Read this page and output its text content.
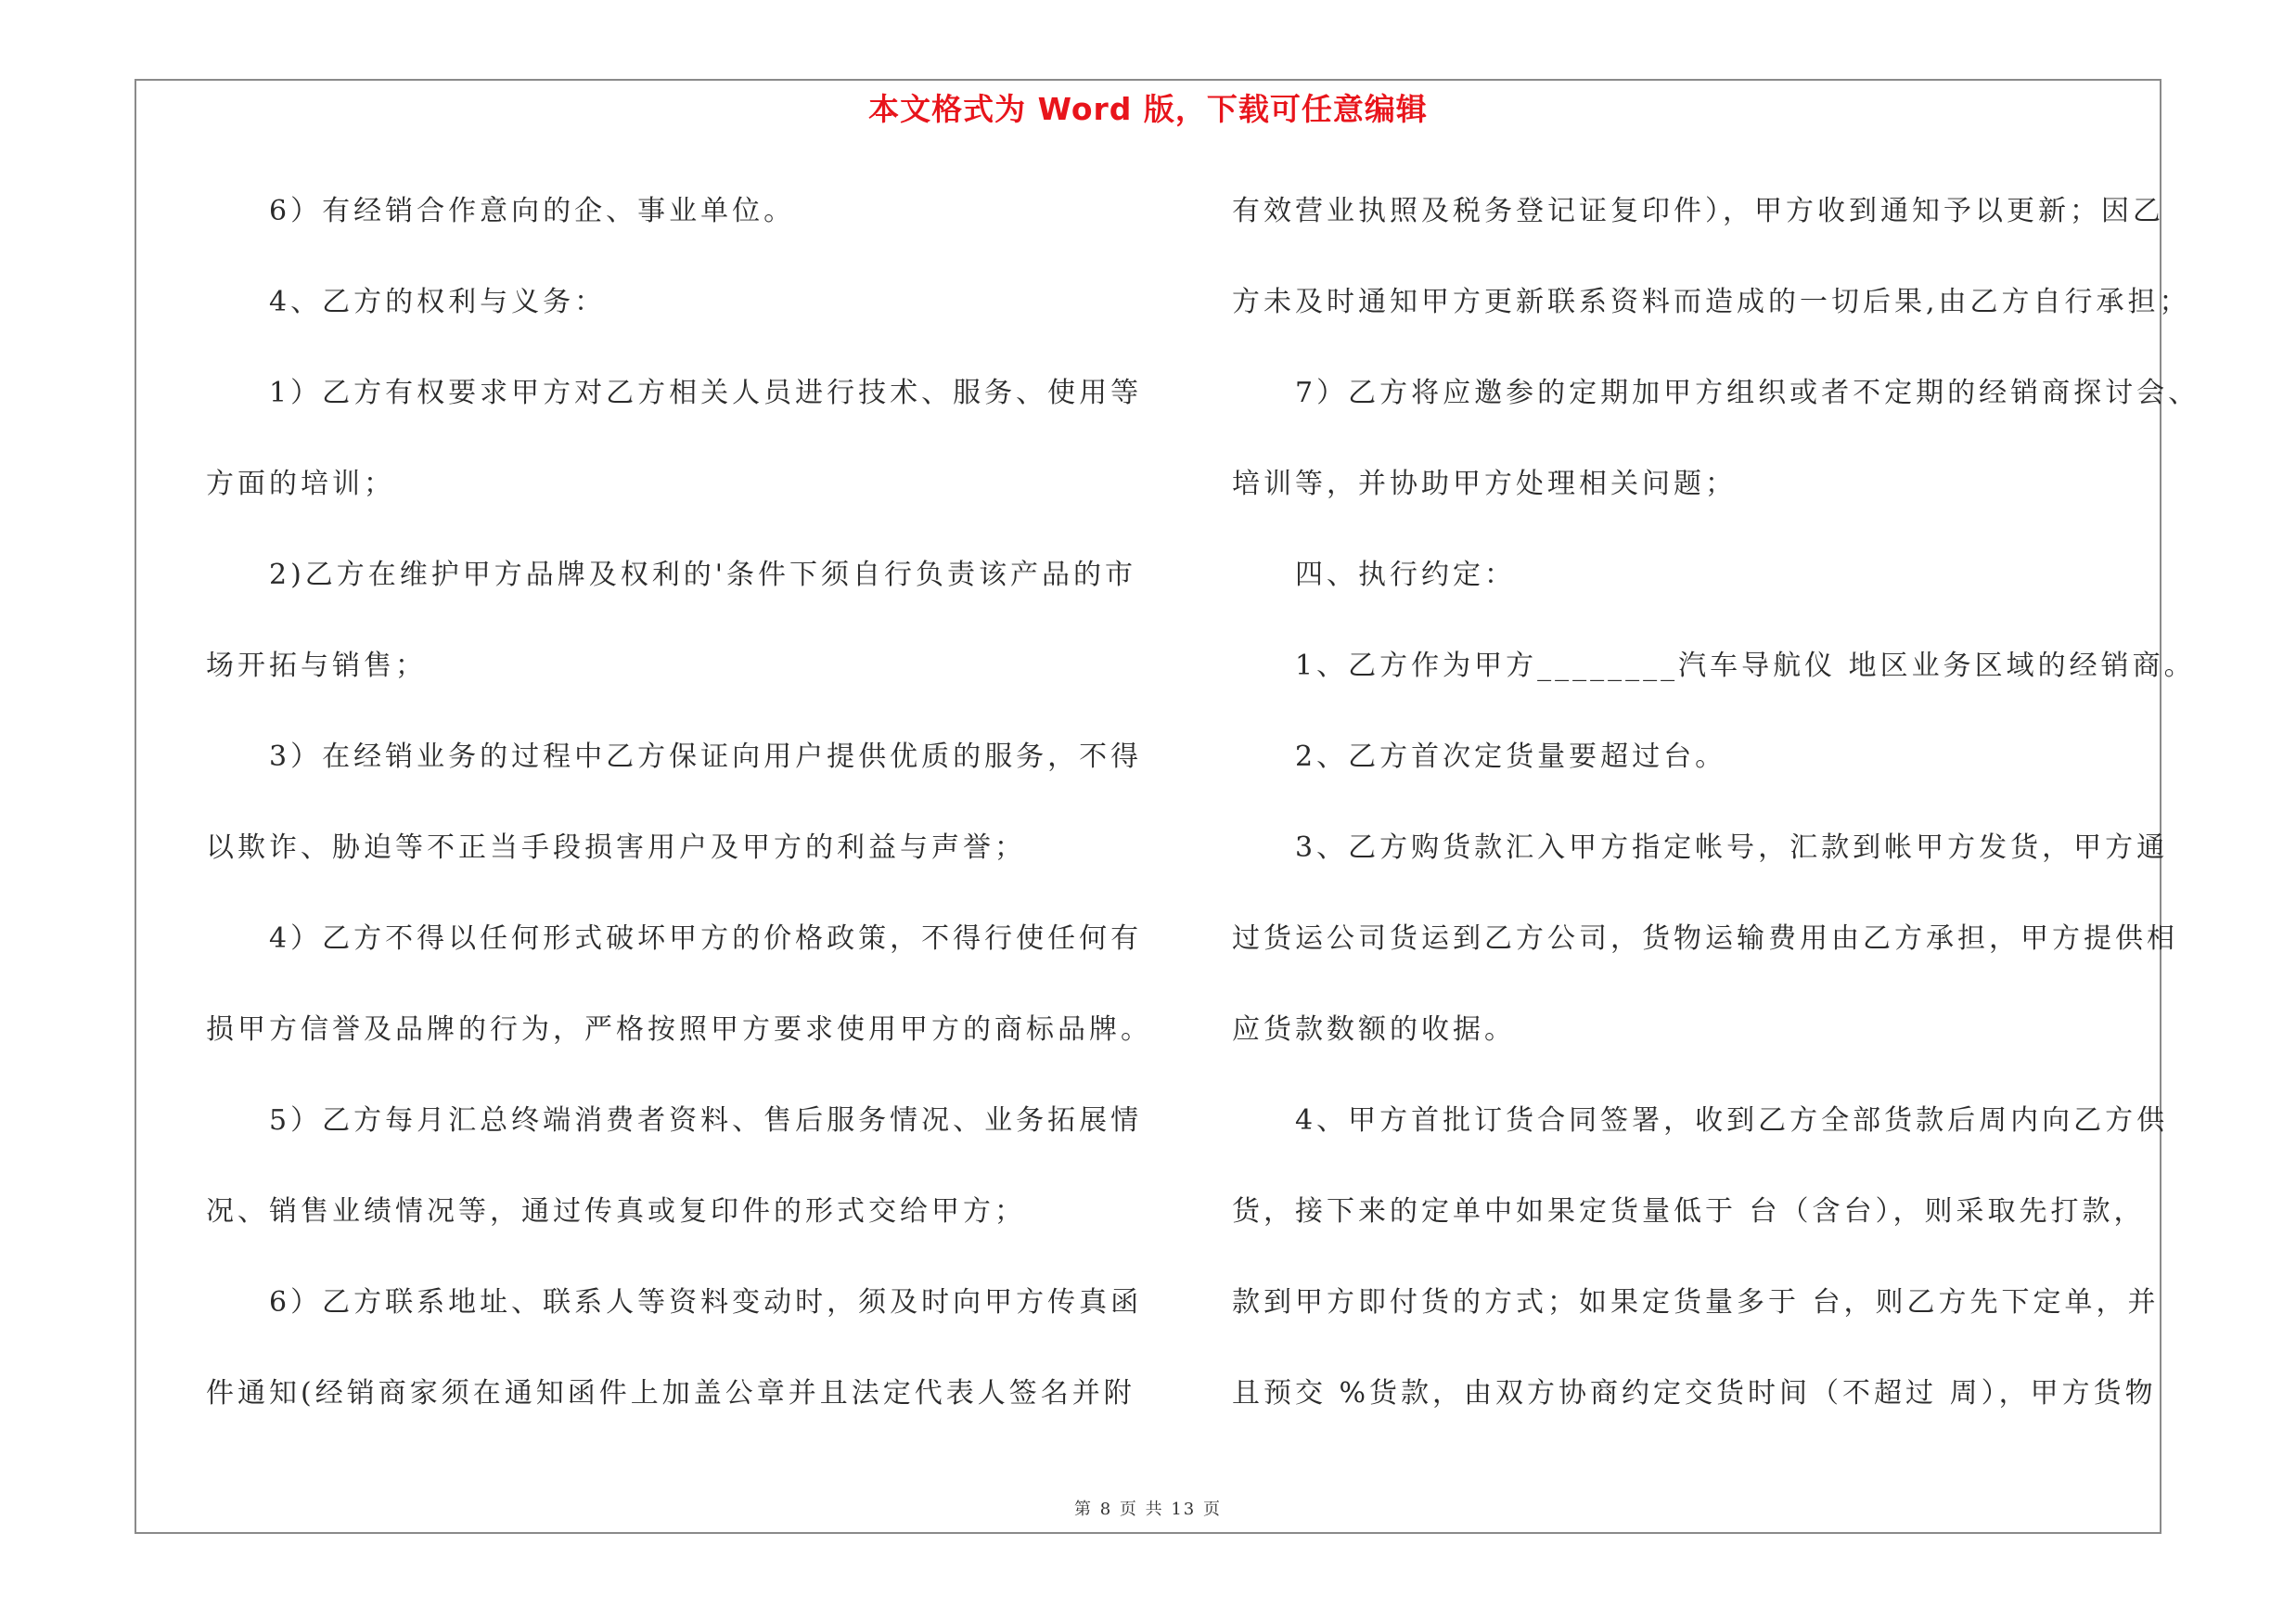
本文格式为 Word 版，下载可任意编辑
　　6）有经销合作意向的企、事业单位。
　　4、乙方的权利与义务：
　　1）乙方有权要求甲方对乙方相关人员进行技术、服务、使用等
方面的培训；
　　2)乙方在维护甲方品牌及权利的'条件下须自行负责该产品的市
场开拓与销售；
　　3）在经销业务的过程中乙方保证向用户提供优质的服务，不得
以欺诈、胁迫等不正当手段损害用户及甲方的利益与声誉；
　　4）乙方不得以任何形式破坏甲方的价格政策，不得行使任何有
损甲方信誉及品牌的行为，严格按照甲方要求使用甲方的商标品牌。
　　5）乙方每月汇总终端消费者资料、售后服务情况、业务拓展情
况、销售业绩情况等，通过传真或复印件的形式交给甲方；
　　6）乙方联系地址、联系人等资料变动时，须及时向甲方传真函
件通知(经销商家须在通知函件上加盖公章并且法定代表人签名并附
有效营业执照及税务登记证复印件），甲方收到通知予以更新；因乙
方未及时通知甲方更新联系资料而造成的一切后果,由乙方自行承担；
　　7）乙方将应邀参的定期加甲方组织或者不定期的经销商探讨会、
培训等，并协助甲方处理相关问题；
　　四、执行约定：
　　1、乙方作为甲方________汽车导航仪 地区业务区域的经销商。
　　2、乙方首次定货量要超过台。
　　3、乙方购货款汇入甲方指定帐号，汇款到帐甲方发货，甲方通
过货运公司货运到乙方公司，货物运输费用由乙方承担，甲方提供相
应货款数额的收据。
　　4、甲方首批订货合同签署，收到乙方全部货款后周内向乙方供
货，接下来的定单中如果定货量低于 台（含台），则采取先打款，
款到甲方即付货的方式；如果定货量多于 台，则乙方先下定单，并
且预交 %货款，由双方协商约定交货时间（不超过 周），甲方货物
第 8 页 共 13 页
